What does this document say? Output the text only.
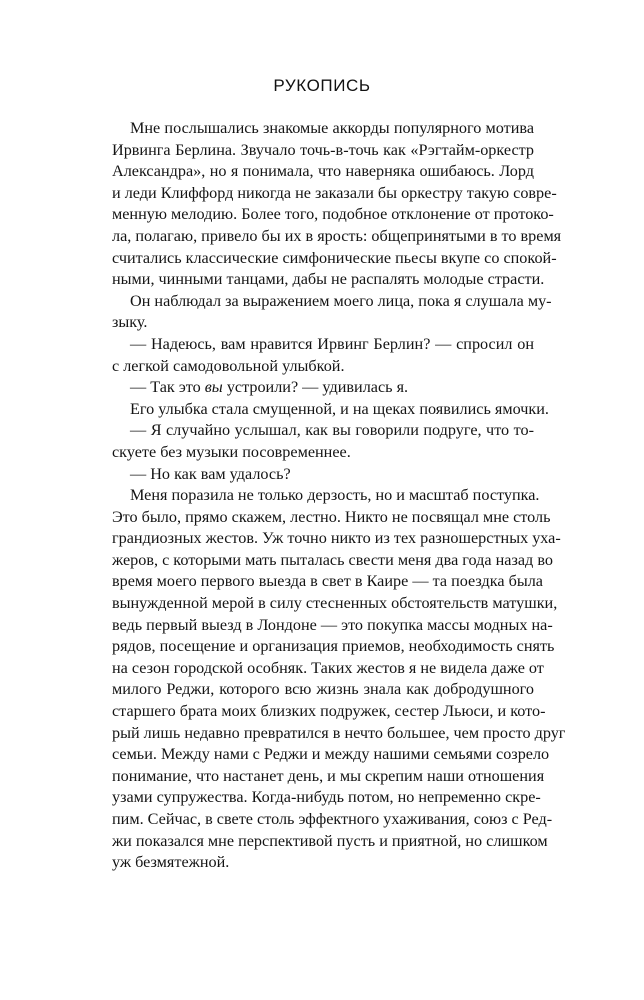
РУКОПИСЬ
Мне послышались знакомые аккорды популярного мотива
Ирвинга Берлина. Звучало точь-в-точь как «Рэгтайм-оркестр
Александра», но я понимала, что наверняка ошибаюсь. Лорд
и леди Клиффорд никогда не заказали бы оркестру такую совре-
менную мелодию. Более того, подобное отклонение от протоко-
ла, полагаю, привело бы их в ярость: общепринятыми в то время
считались классические симфонические пьесы вкупе со спокой-
ными, чинными танцами, дабы не распалять молодые страсти.
Он наблюдал за выражением моего лица, пока я слушала му-
зыку.
— Надеюсь, вам нравится Ирвинг Берлин? — спросил он
с легкой самодовольной улыбкой.
— Так это вы устроили? — удивилась я.
Его улыбка стала смущенной, и на щеках появились ямочки.
— Я случайно услышал, как вы говорили подруге, что то-
скуете без музыки посовременнее.
— Но как вам удалось?
Меня поразила не только дерзость, но и масштаб поступка.
Это было, прямо скажем, лестно. Никто не посвящал мне столь
грандиозных жестов. Уж точно никто из тех разношерстных уха-
жеров, с которыми мать пыталась свести меня два года назад во
время моего первого выезда в свет в Каире — та поездка была
вынужденной мерой в силу стесненных обстоятельств матушки,
ведь первый выезд в Лондоне — это покупка массы модных на-
рядов, посещение и организация приемов, необходимость снять
на сезон городской особняк. Таких жестов я не видела даже от
милого Реджи, которого всю жизнь знала как добродушного
старшего брата моих близких подружек, сестер Льюси, и кото-
рый лишь недавно превратился в нечто большее, чем просто друг
семьи. Между нами с Реджи и между нашими семьями созрело
понимание, что настанет день, и мы скрепим наши отношения
узами супружества. Когда-нибудь потом, но непременно скре-
пим. Сейчас, в свете столь эффектного ухаживания, союз с Ред-
жи показался мне перспективой пусть и приятной, но слишком
уж безмятежной.
